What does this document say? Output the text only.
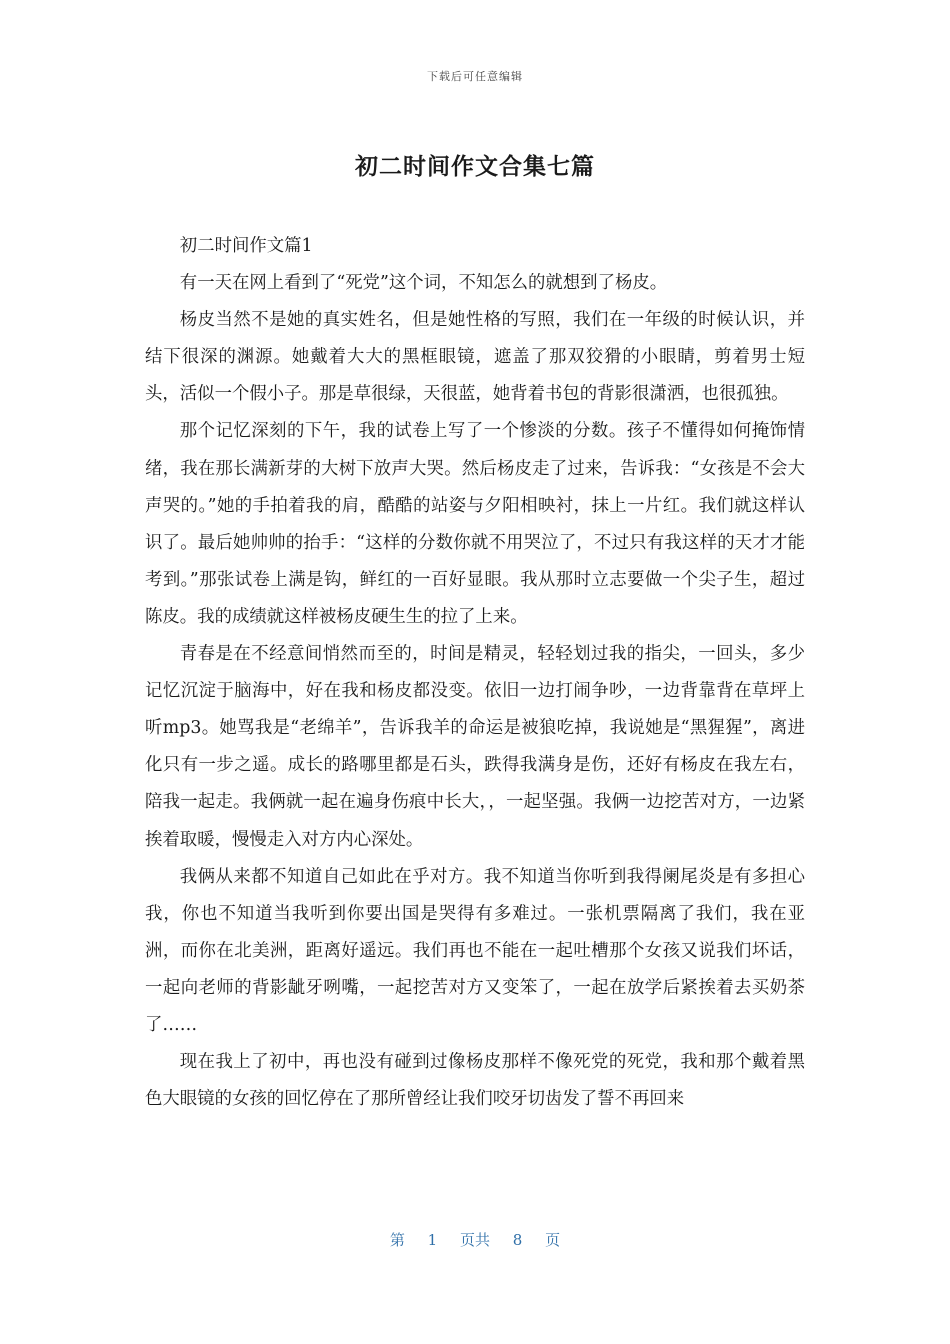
下载后可任意编辑
初二时间作文合集七篇

初二时间作文篇1

有一天在网上看到了“死党”这个词，不知怎么的就想到了杨皮。

杨皮当然不是她的真实姓名，但是她性格的写照，我们在一年级的时候认识，并结下很深的渊源。她戴着大大的黑框眼镜，遮盖了那双狡猾的小眼睛，剪着男士短头，活似一个假小子。那是草很绿，天很蓝，她背着书包的背影很潇洒，也很孤独。

那个记忆深刻的下午，我的试卷上写了一个惨淡的分数。孩子不懂得如何掩饰情绪，我在那长满新芽的大树下放声大哭。然后杨皮走了过来，告诉我：“女孩是不会大声哭的。”她的手拍着我的肩，酷酷的站姿与夕阳相映衬，抹上一片红。我们就这样认识了。最后她帅帅的抬手：“这样的分数你就不用哭泣了，不过只有我这样的天才才能考到。”那张试卷上满是钩，鲜红的一百好显眼。我从那时立志要做一个尖子生，超过陈皮。我的成绩就这样被杨皮硬生生的拉了上来。

青春是在不经意间悄然而至的，时间是精灵，轻轻划过我的指尖，一回头，多少记忆沉淀于脑海中，好在我和杨皮都没变。依旧一边打闹争吵，一边背靠背在草坪上听mp3。她骂我是“老绵羊”，告诉我羊的命运是被狼吃掉，我说她是“黑猩猩”，离进化只有一步之遥。成长的路哪里都是石头，跌得我满身是伤，还好有杨皮在我左右，陪我一起走。我俩就一起在遍身伤痕中长大，，一起坚强。我俩一边挖苦对方，一边紧挨着取暖，慢慢走入对方内心深处。

我俩从来都不知道自己如此在乎对方。我不知道当你听到我得阑尾炎是有多担心我，你也不知道当我听到你要出国是哭得有多难过。一张机票隔离了我们，我在亚洲，而你在北美洲，距离好遥远。我们再也不能在一起吐槽那个女孩又说我们坏话，一起向老师的背影龇牙咧嘴，一起挖苦对方又变笨了，一起在放学后紧挨着去买奶茶了……

现在我上了初中，再也没有碰到过像杨皮那样不像死党的死党，我和那个戴着黑色大眼镜的女孩的回忆停在了那所曾经让我们咬牙切齿发了誓不再回来

第 1 页共 8 页
